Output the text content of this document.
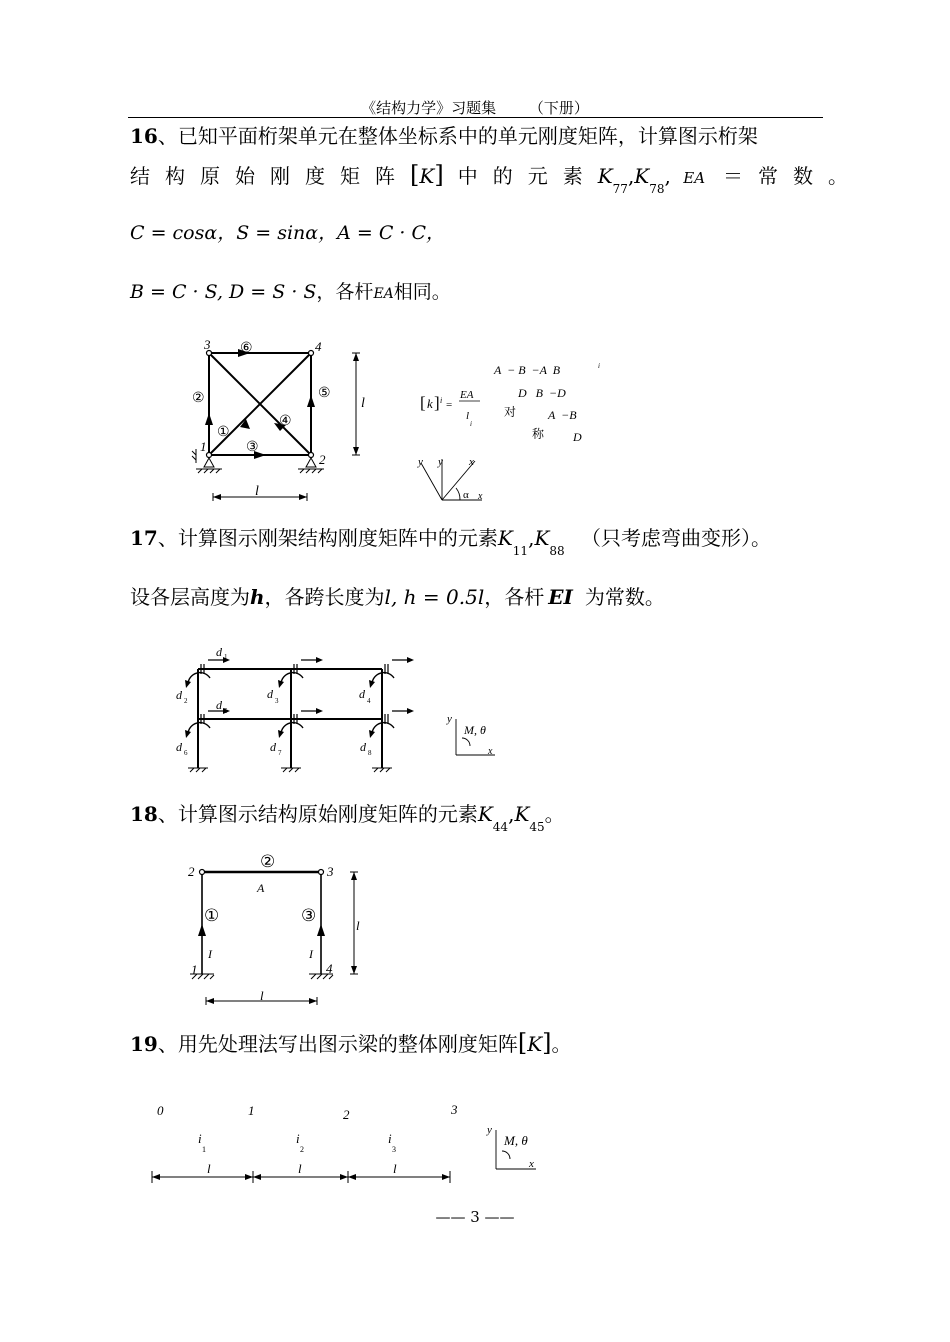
《结构力学》习题集 （下册）
16、已知平面桁架单元在整体坐标系中的单元刚度矩阵，计算图示桁架
结构原始刚度矩阵[K] 中的元素$K_{77},K_{78}$, EA ＝常数。
C = cosα，S = sinα，A = C · C，
B = C · S, D = S · S，各杆EA相同。
1
2
3	4
①
②
③
④
⑤
⑥
l
l
[ k ] i =
EA
l
i
A  − B  −A  B	i
D   B  −D
对	A  −B
称 D
y y x
x
α
17、计算图示刚架结构刚度矩阵中的元素$K_{11},K_{88}$ （只考虑弯曲变形）。
设各层高度为h，各跨长度为l, h = 0.5l，各杆 EI 为常数。
d
d	d	d
d
d	d	d
1
2	3	4
5
6	7	8
y
M, θ
x
18、计算图示结构原始刚度矩阵的元素$K_{44},K_{45}$。
2	3
1	4
A
I	I
l
l
①
②
③
19、用先处理法写出图示梁的整体刚度矩阵[K]。
0	1	2	3
i	i	i
l	l	l
1	2	3
y
M, θ
x
—— 3 ——
